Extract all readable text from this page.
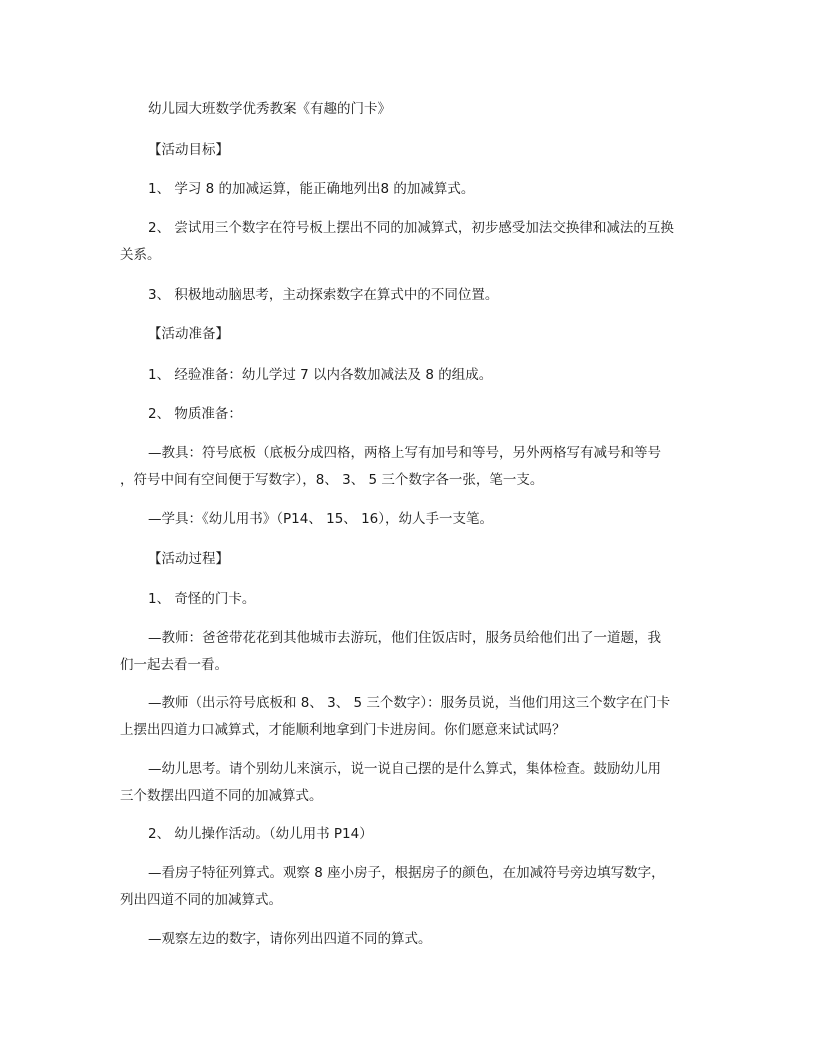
幼儿园大班数学优秀教案《有趣的门卡》
【活动目标】
1、 学习 8 的加减运算，能正确地列出8 的加减算式。
2、 尝试用三个数字在符号板上摆出不同的加减算式，初步感受加法交换律和减法的互换
关系。
3、 积极地动脑思考，主动探索数字在算式中的不同位置。
【活动准备】
1、 经验准备：幼儿学过 7 以内各数加减法及 8 的组成。
2、 物质准备：
—教具：符号底板（底板分成四格，两格上写有加号和等号，另外两格写有减号和等号
，符号中间有空间便于写数字），8、 3、 5 三个数字各一张，笔一支。
—学具：《幼儿用书》（P14、 15、 16），幼人手一支笔。
【活动过程】
1、 奇怪的门卡。
—教师：爸爸带花花到其他城市去游玩，他们住饭店时，服务员给他们出了一道题，我
们一起去看一看。
—教师（出示符号底板和 8、 3、 5 三个数字）：服务员说，当他们用这三个数字在门卡
上摆出四道力口减算式，才能顺利地拿到门卡进房间。你们愿意来试试吗？
—幼儿思考。请个别幼儿来演示，说一说自己摆的是什么算式，集体检查。鼓励幼儿用
三个数摆出四道不同的加减算式。
2、 幼儿操作活动。（幼儿用书 P14）
—看房子特征列算式。观察 8 座小房子，根据房子的颜色，在加减符号旁边填写数字，
列出四道不同的加减算式。
—观察左边的数字，请你列出四道不同的算式。
